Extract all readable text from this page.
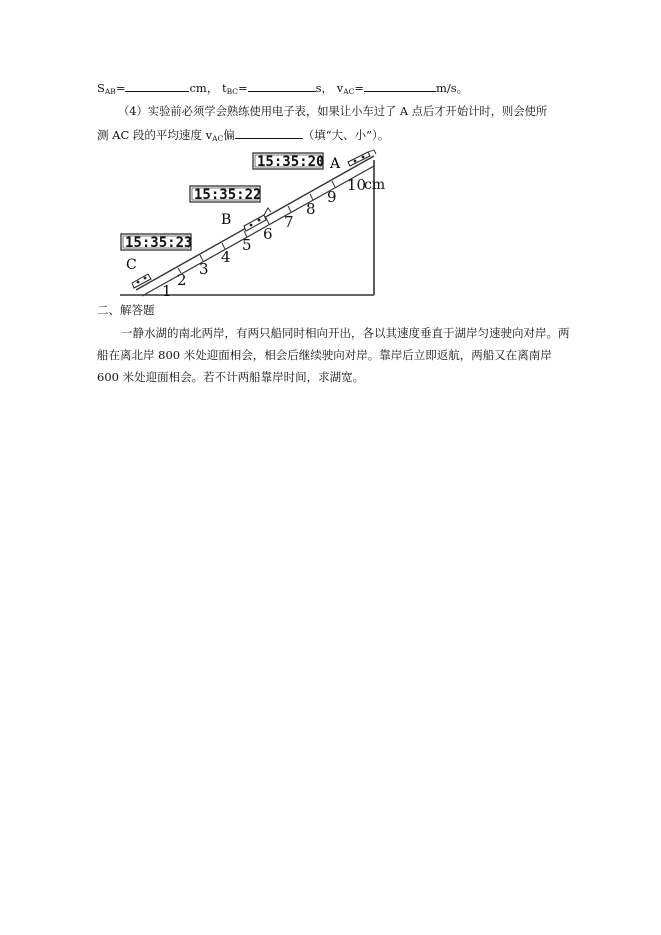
$S_{AB}=$	cm， $t_{BC}=$	s， $v_{AC}=$	m/s。
（4）实验前必须学会熟练使用电子表，如果让小车过了 A 点后才开始计时，则会使所
测 AC 段的平均速度 $v_{AC}$偏	（填“大、小”）。
15:35:20
15:35:22
15:35:23
A
B
C
1
2
3
4
5
6
7
8
9
10
cm
二、解答题
一静水湖的南北两岸，有两只船同时相向开出，各以其速度垂直于湖岸匀速驶向对岸。两船在离北岸 800 米处迎面相会，相会后继续驶向对岸。靠岸后立即返航，两船又在离南岸 600 米处迎面相会。若不计两船靠岸时间，求湖宽。
